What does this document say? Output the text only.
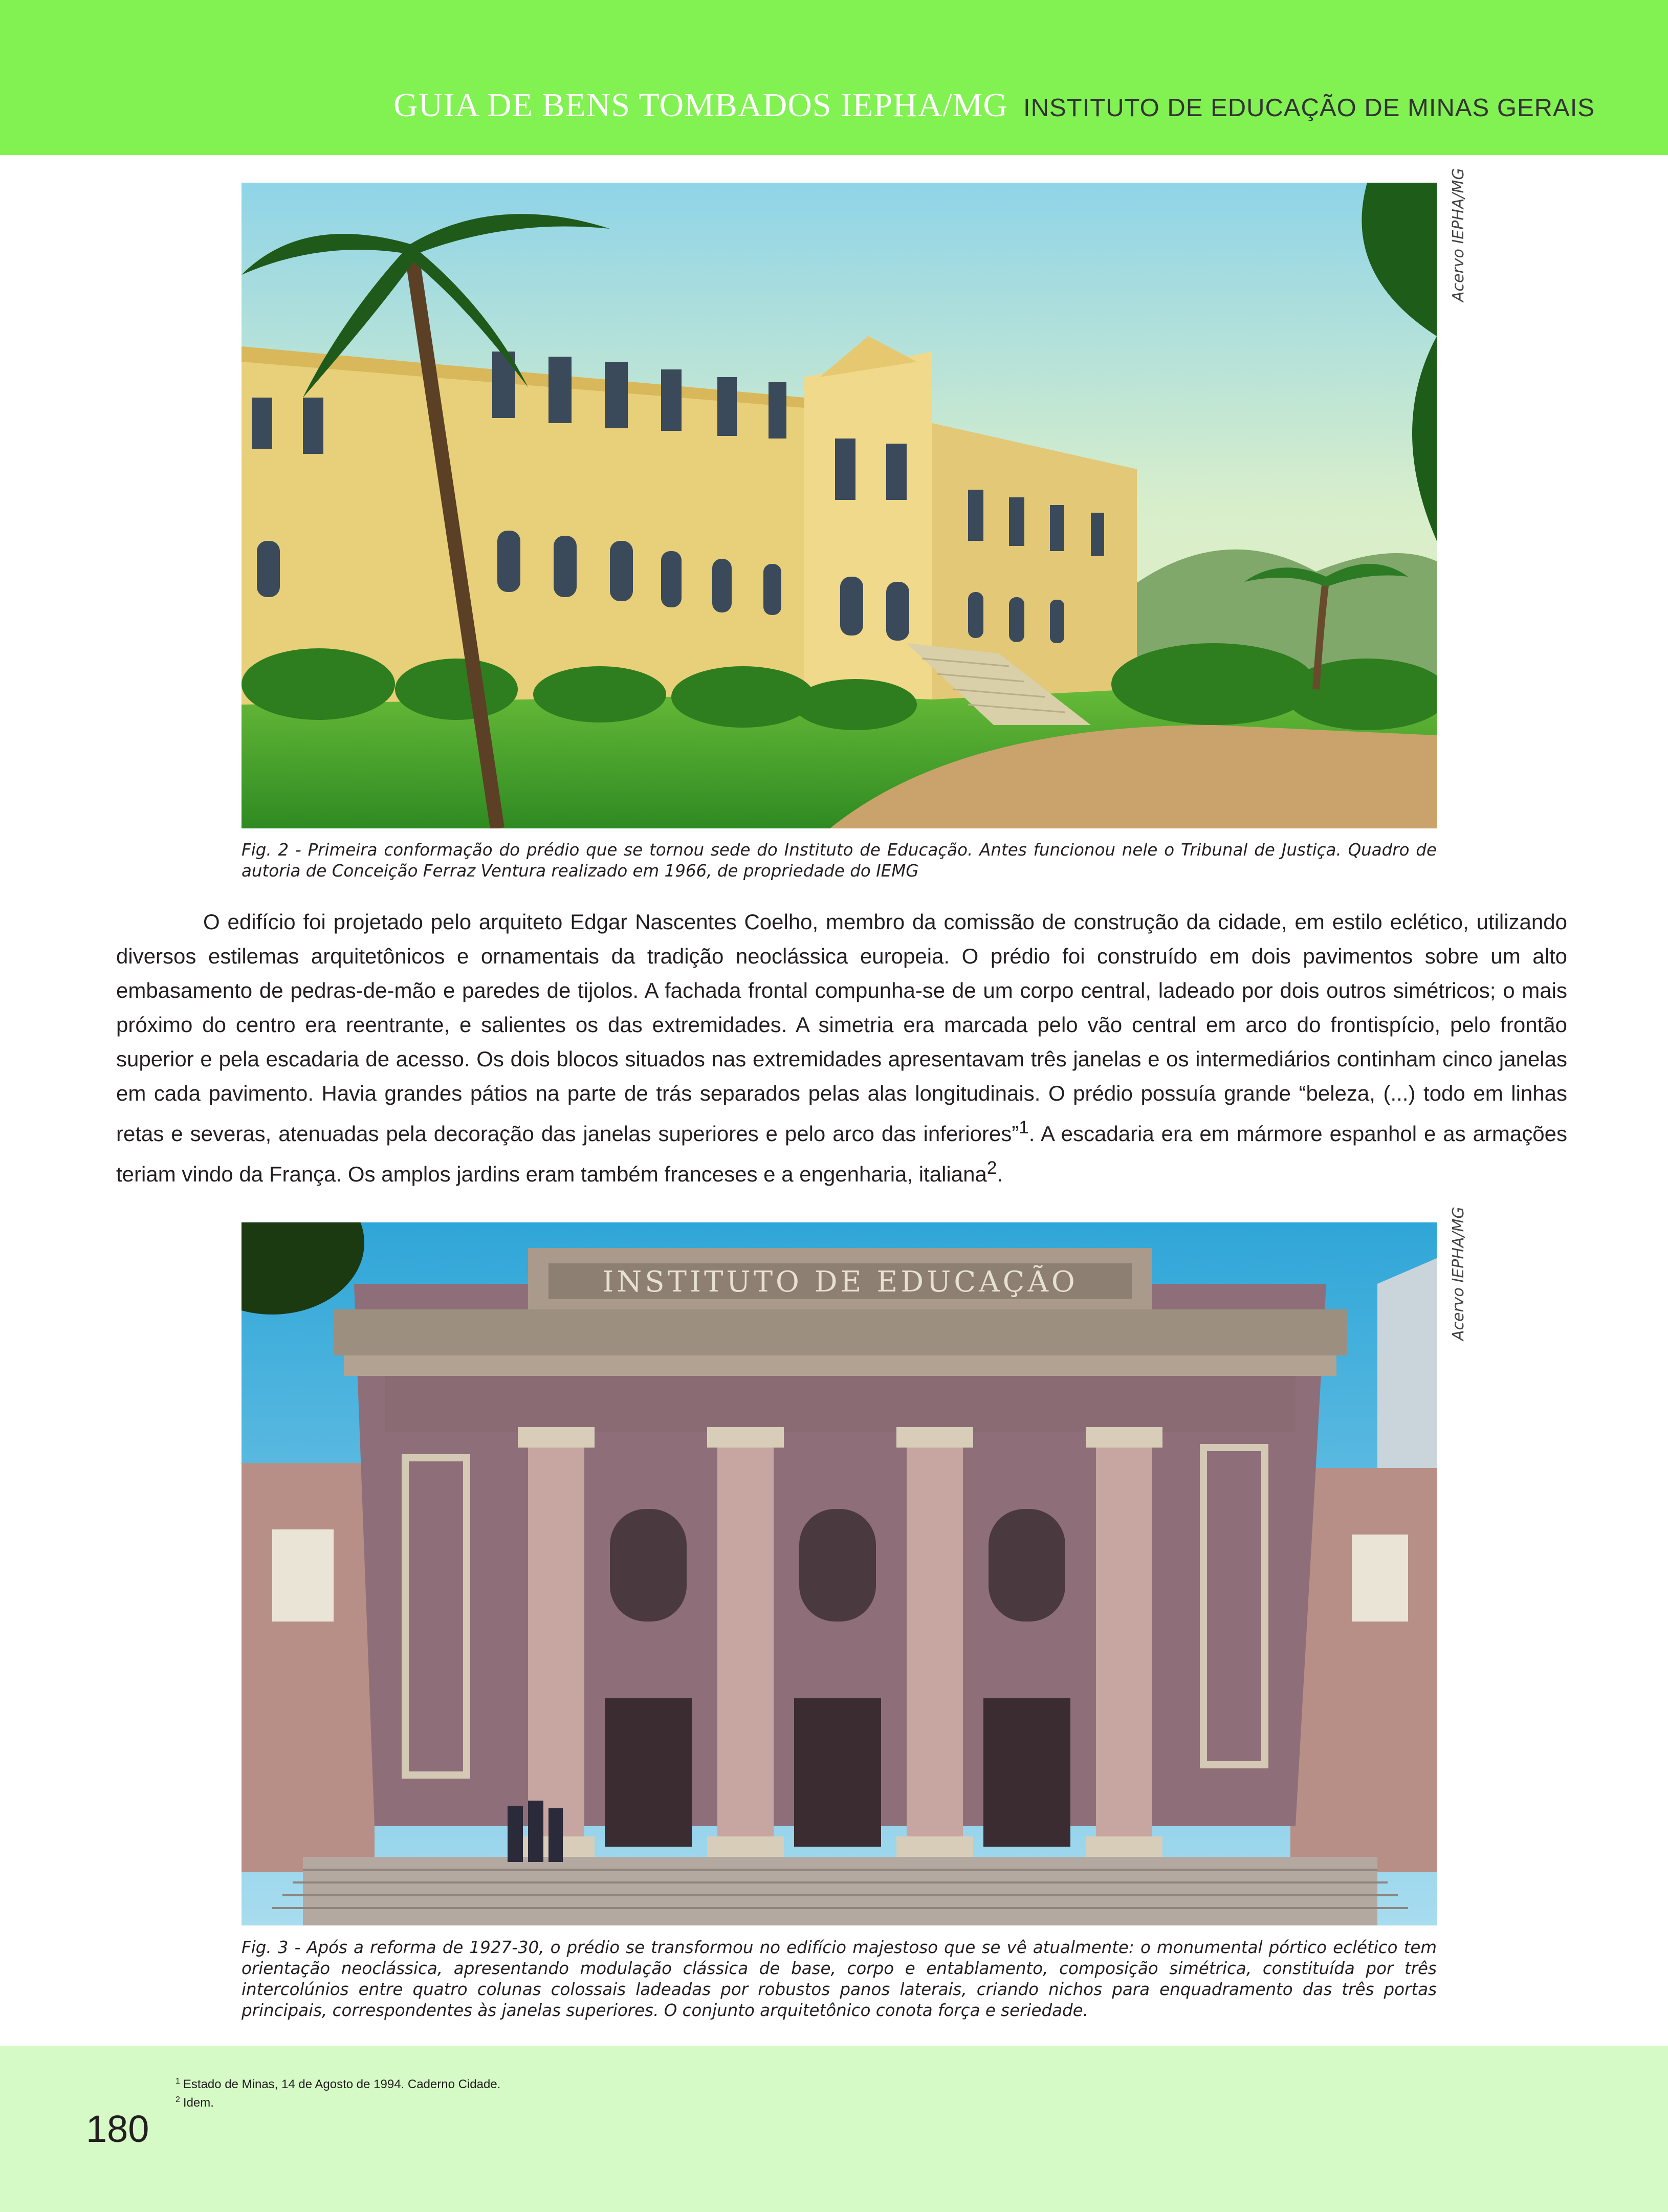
GUIA DE BENS TOMBADOS IEPHA/MG INSTITUTO DE EDUCAÇÃO DE MINAS GERAIS
Acervo IEPHA/MG
Fig. 2 - Primeira conformação do prédio que se tornou sede do Instituto de Educação. Antes funcionou nele o Tribunal de Justiça. Quadro de autoria de Conceição Ferraz Ventura realizado em 1966, de propriedade do IEMG

O edifício foi projetado pelo arquiteto Edgar Nascentes Coelho, membro da comissão de construção da cidade, em estilo eclético, utilizando diversos estilemas arquitetônicos e ornamentais da tradição neoclássica europeia. O prédio foi construído em dois pavimentos sobre um alto embasamento de pedras-de-mão e paredes de tijolos. A fachada frontal compunha-se de um corpo central, ladeado por dois outros simétricos; o mais próximo do centro era reentrante, e salientes os das extremidades. A simetria era marcada pelo vão central em arco do frontispício, pelo frontão superior e pela escadaria de acesso. Os dois blocos situados nas extremidades apresentavam três janelas e os intermediários continham cinco janelas em cada pavimento. Havia grandes pátios na parte de trás separados pelas alas longitudinais. O prédio possuía grande “beleza, (...) todo em linhas retas e severas, atenuadas pela decoração das janelas superiores e pelo arco das inferiores”$^1$. A escadaria era em mármore espanhol e as armações teriam vindo da França. Os amplos jardins eram também franceses e a engenharia, italiana$^2$.

INSTITUTO DE EDUCAÇÃO	Acervo IEPHA/MG
Fig. 3 - Após a reforma de 1927-30, o prédio se transformou no edifício majestoso que se vê atualmente: o monumental pórtico eclético tem orientação neoclássica, apresentando modulação clássica de base, corpo e entablamento, composição simétrica, constituída por três intercolúnios entre quatro colunas colossais ladeadas por robustos panos laterais, criando nichos para enquadramento das três portas principais, correspondentes às janelas superiores. O conjunto arquitetônico conota força e seriedade.
$^1$ Estado de Minas, 14 de Agosto de 1994. Caderno Cidade.
$^2$ Idem.
180
